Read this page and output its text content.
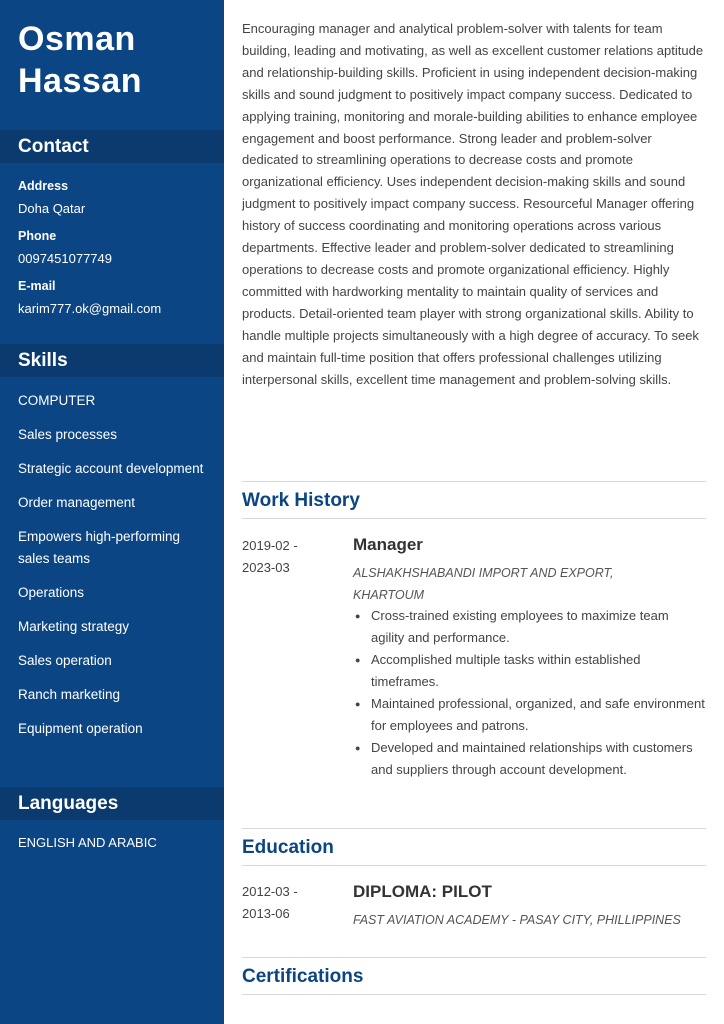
Osman
Hassan
Contact
Address
Doha Qatar
Phone
0097451077749
E-mail
karim777.ok@gmail.com
Skills
COMPUTER
Sales processes
Strategic account development
Order management
Empowers high-performing sales teams
Operations
Marketing strategy
Sales operation
Ranch marketing
Equipment operation
Languages
ENGLISH AND ARABIC

Encouraging manager and analytical problem-solver with talents for team building, leading and motivating, as well as excellent customer relations aptitude and relationship-building skills. Proficient in using independent decision-making skills and sound judgment to positively impact company success. Dedicated to applying training, monitoring and morale-building abilities to enhance employee engagement and boost performance. Strong leader and problem-solver dedicated to streamlining operations to decrease costs and promote organizational efficiency. Uses independent decision-making skills and sound judgment to positively impact company success. Resourceful Manager offering history of success coordinating and monitoring operations across various departments. Effective leader and problem-solver dedicated to streamlining operations to decrease costs and promote organizational efficiency. Highly committed with hardworking mentality to maintain quality of services and products. Detail-oriented team player with strong organizational skills. Ability to handle multiple projects simultaneously with a high degree of accuracy. To seek and maintain full-time position that offers professional challenges utilizing interpersonal skills, excellent time management and problem-solving skills.

Work History
2019-02 -
2023-03
Manager
ALSHAKHSHABANDI IMPORT AND EXPORT, KHARTOUM
● Cross-trained existing employees to maximize team agility and performance.
● Accomplished multiple tasks within established timeframes.
● Maintained professional, organized, and safe environment for employees and patrons.
● Developed and maintained relationships with customers and suppliers through account development.
Education
2012-03 -
2013-06
DIPLOMA: PILOT
FAST AVIATION ACADEMY - PASAY CITY, PHILLIPPINES
Certifications
